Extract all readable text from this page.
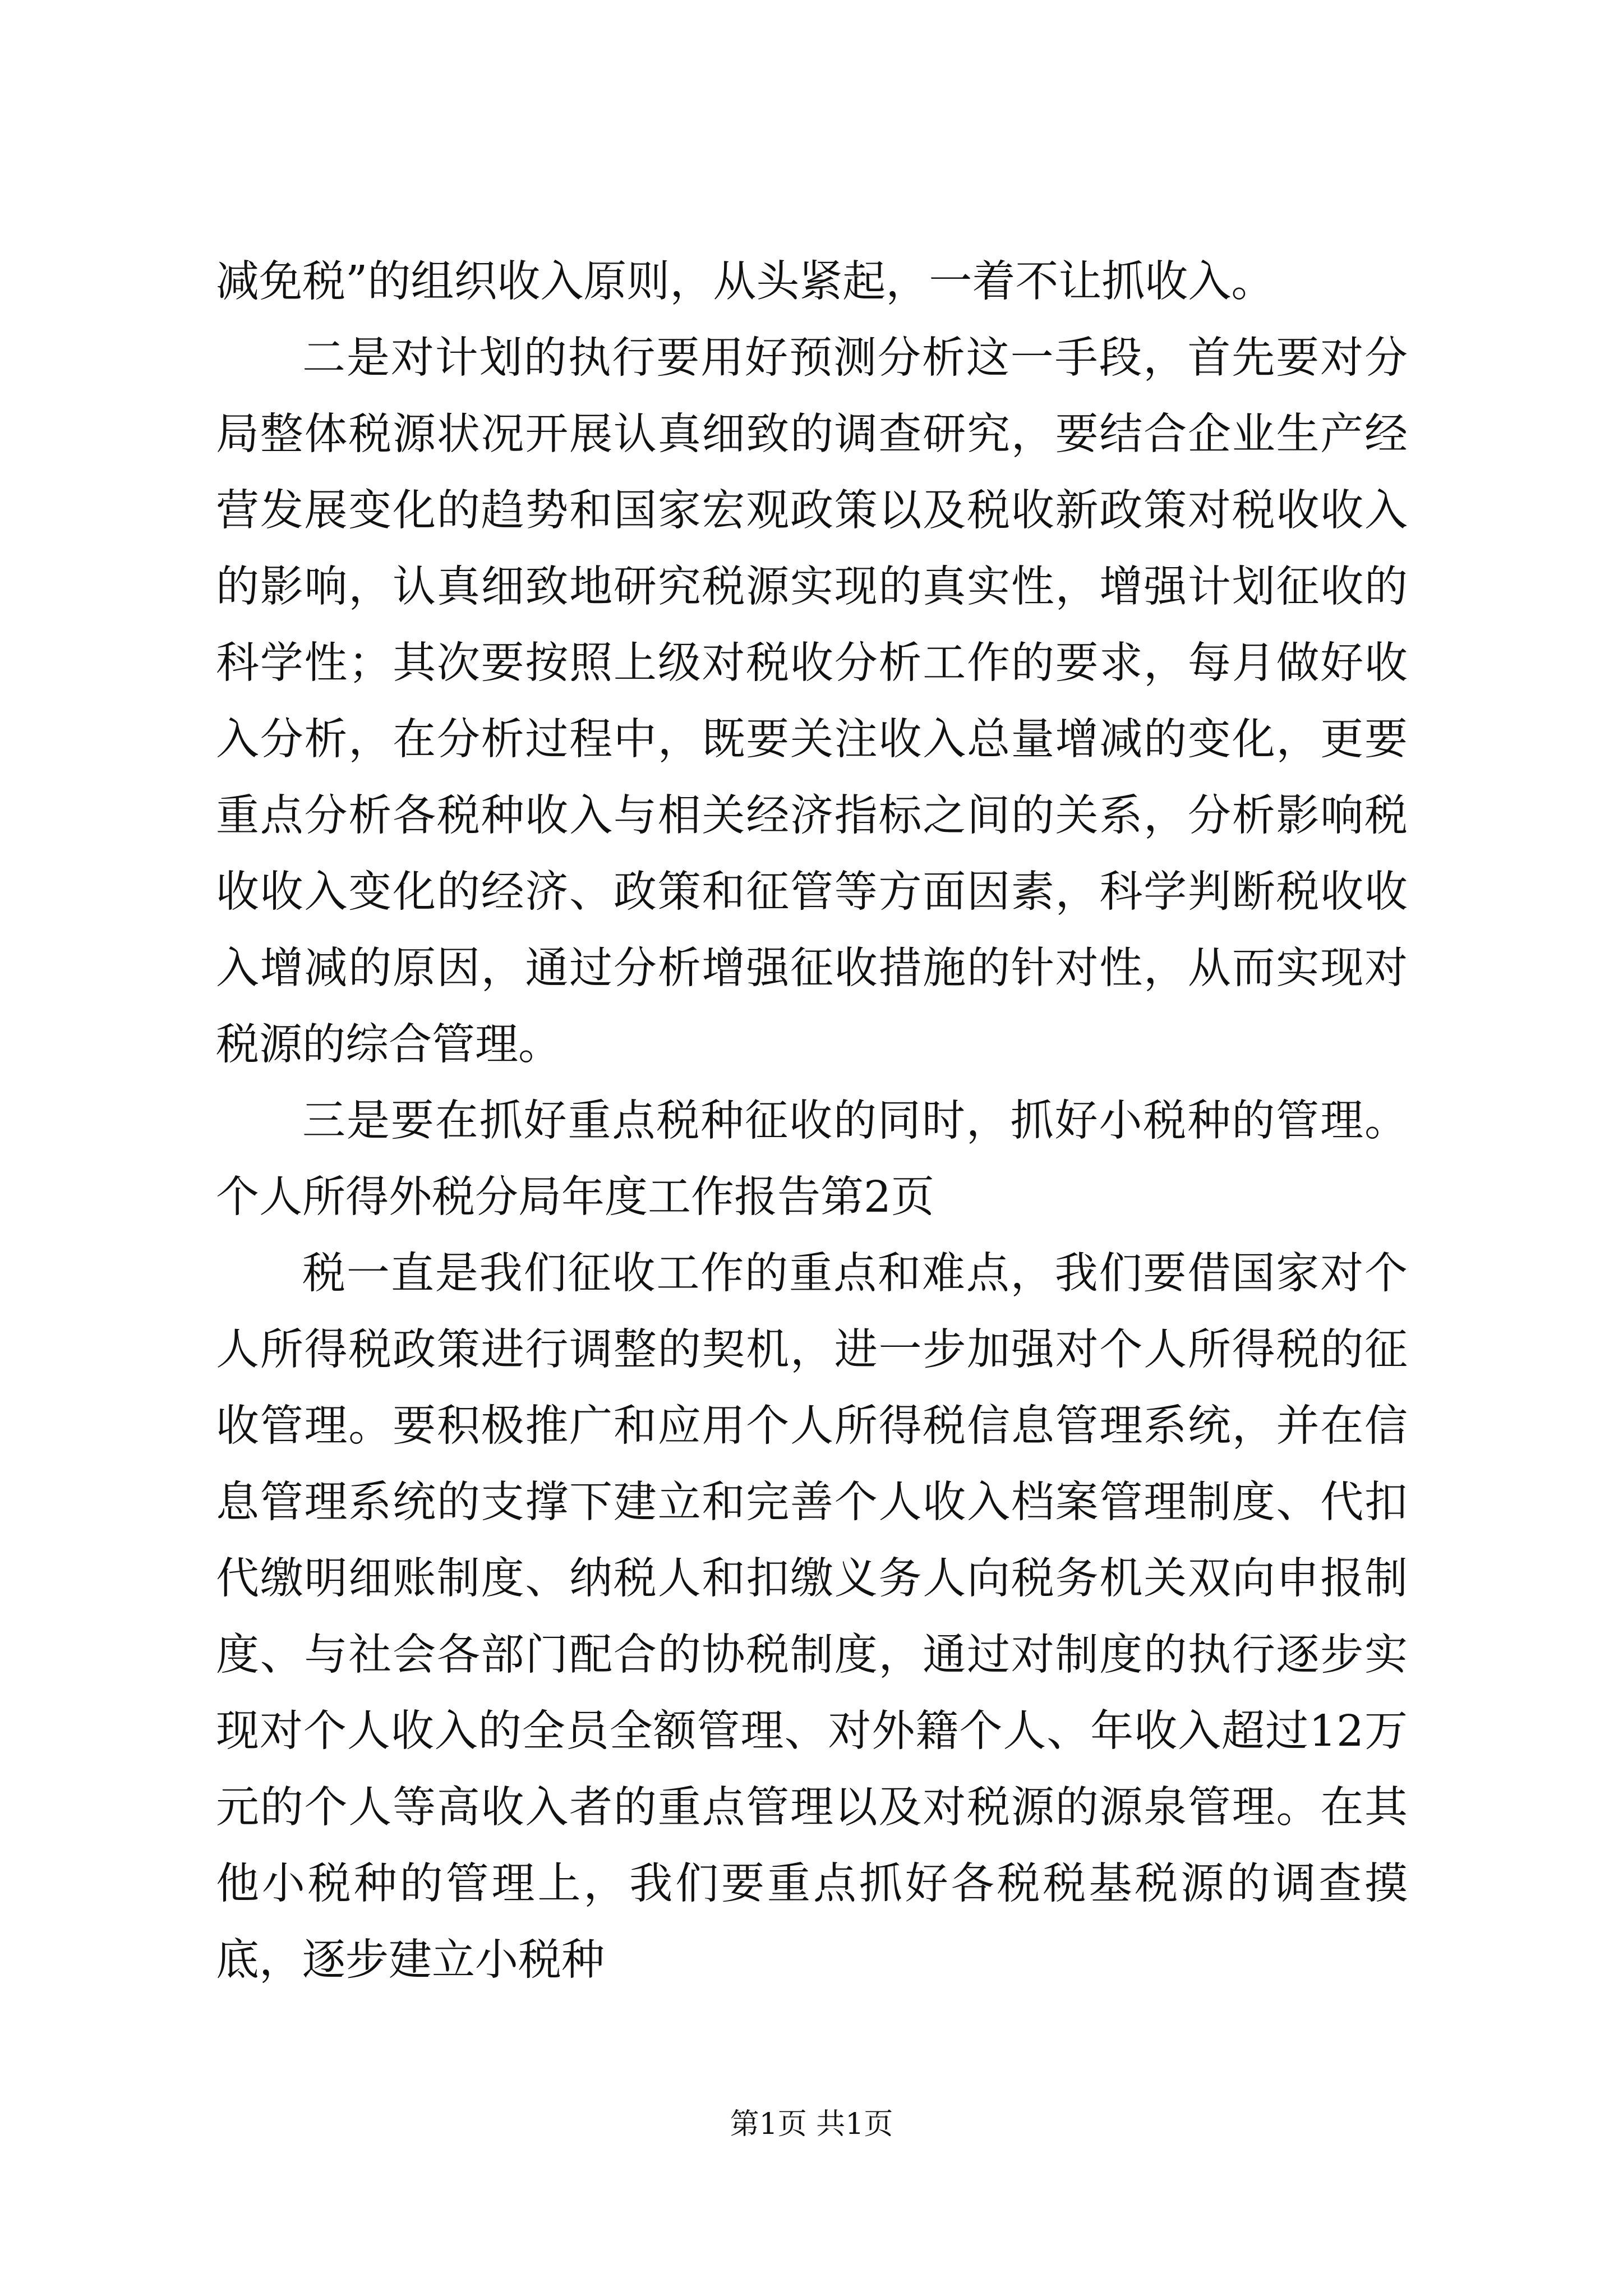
减免税”的组织收入原则，从头紧起，一着不让抓收入。

二是对计划的执行要用好预测分析这一手段，首先要对分局整体税源状况开展认真细致的调查研究，要结合企业生产经营发展变化的趋势和国家宏观政策以及税收新政策对税收收入的影响，认真细致地研究税源实现的真实性，增强计划征收的科学性；其次要按照上级对税收分析工作的要求，每月做好收入分析，在分析过程中，既要关注收入总量增减的变化，更要重点分析各税种收入与相关经济指标之间的关系，分析影响税收收入变化的经济、政策和征管等方面因素，科学判断税收收入增减的原因，通过分析增强征收措施的针对性，从而实现对税源的综合管理。

三是要在抓好重点税种征收的同时，抓好小税种的管理。个人所得外税分局年度工作报告第2页

税一直是我们征收工作的重点和难点，我们要借国家对个人所得税政策进行调整的契机，进一步加强对个人所得税的征收管理。要积极推广和应用个人所得税信息管理系统，并在信息管理系统的支撑下建立和完善个人收入档案管理制度、代扣代缴明细账制度、纳税人和扣缴义务人向税务机关双向申报制度、与社会各部门配合的协税制度，通过对制度的执行逐步实现对个人收入的全员全额管理、对外籍个人、年收入超过12万元的个人等高收入者的重点管理以及对税源的源泉管理。在其他小税种的管理上，我们要重点抓好各税税基税源的调查摸底，逐步建立小税种

第1页 共1页
